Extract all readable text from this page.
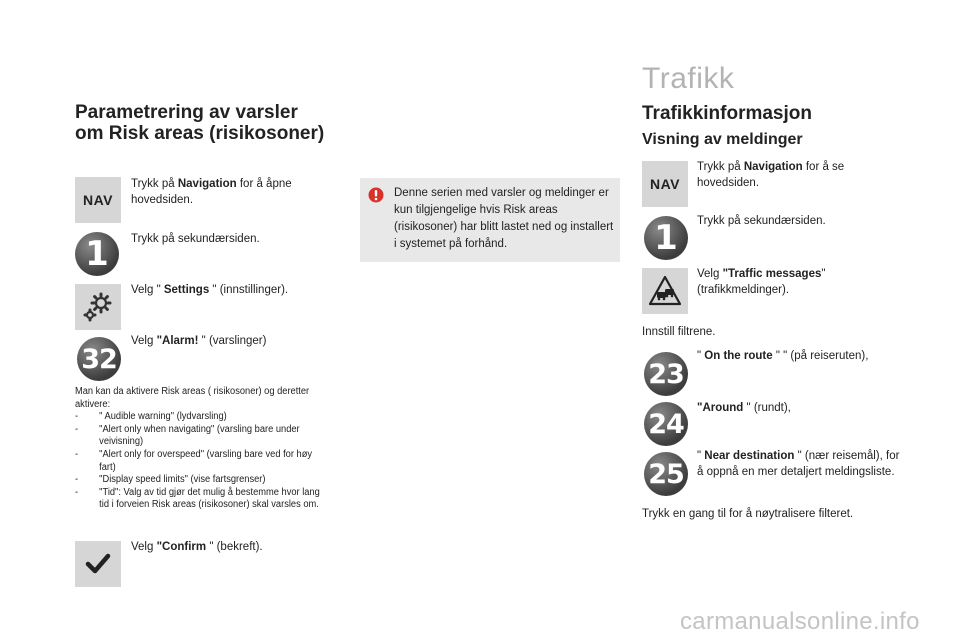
Parametrering av varsler
om Risk areas (risikosoner)
NAV
Trykk på Navigation for å åpne hovedsiden.
1 Trykk på sekundærsiden.
Velg " Settings " (innstillinger).
32
Velg "Alarm! " (varslinger)
Man kan da aktivere Risk areas ( risikosoner) og deretter aktivere:
-	" Audible warning" (lydvarsling)
-	"Alert only when navigating" (varsling bare under veivisning)
-	"Alert only for overspeed" (varsling bare ved for høy fart)
-	"Display speed limits" (vise fartsgrenser)
-	"Tid": Valg av tid gjør det mulig å bestemme hvor lang tid i forveien Risk areas (risikosoner) skal varsles om.
Velg "Confirm " (bekreft).
Denne serien med varsler og meldinger er kun tilgjengelige hvis Risk areas (risikosoner) har blitt lastet ned og installert i systemet på forhånd.
Trafikk
Trafikkinformasjon
Visning av meldinger
NAV
Trykk på Navigation for å se hovedsiden.
1 Trykk på sekundærsiden.
Velg "Traffic messages" (trafikkmeldinger).
Innstill filtrene.
23
" On the route " " (på reiseruten),
24
"Around " (rundt),
25
" Near destination " (nær reisemål), for å oppnå en mer detaljert meldingsliste.
Trykk en gang til for å nøytralisere filteret.
carmanualsonline.info
